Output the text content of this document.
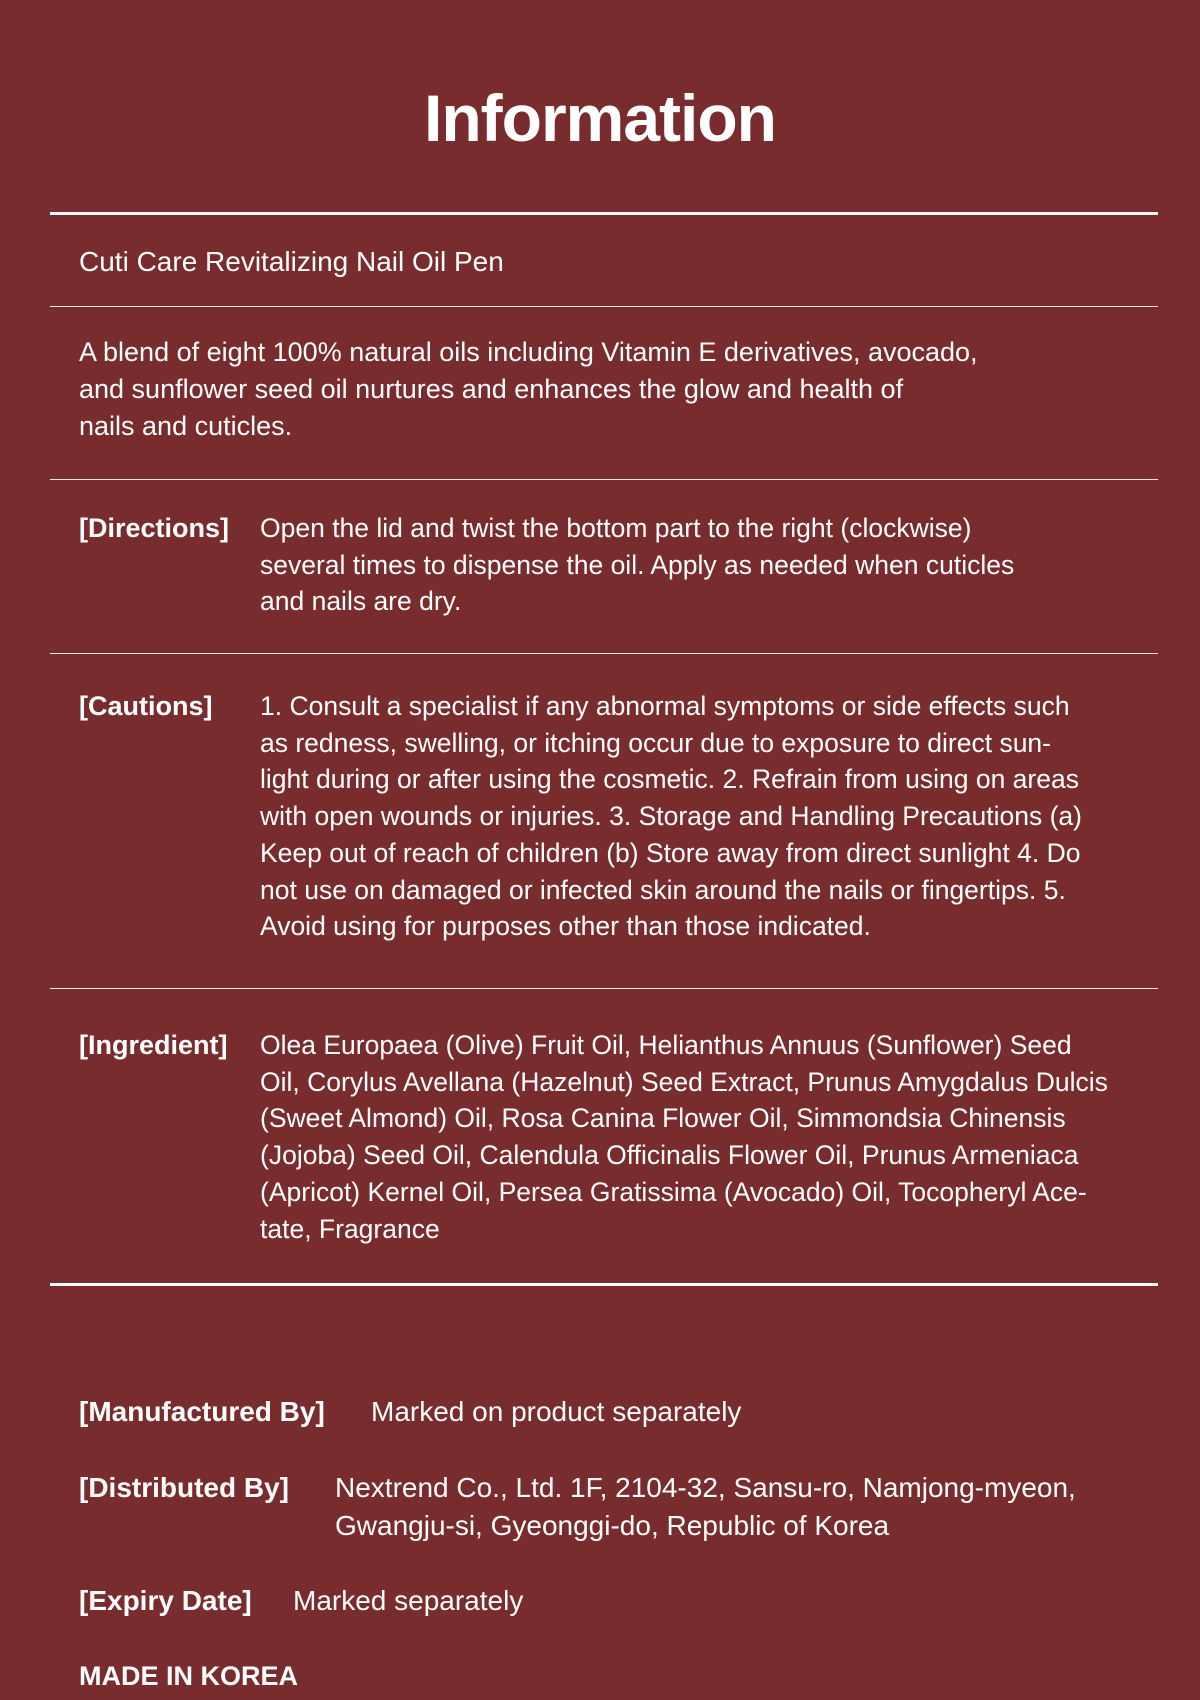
Information
Cuti Care Revitalizing Nail Oil Pen
A blend of eight 100% natural oils including Vitamin E derivatives, avocado,
and sunflower seed oil nurtures and enhances the glow and health of
nails and cuticles.
[Directions] Open the lid and twist the bottom part to the right (clockwise)
several times to dispense the oil. Apply as needed when cuticles
and nails are dry.
[Cautions] 1. Consult a specialist if any abnormal symptoms or side effects such
as redness, swelling, or itching occur due to exposure to direct sun-
light during or after using the cosmetic. 2. Refrain from using on areas
with open wounds or injuries. 3. Storage and Handling Precautions (a)
Keep out of reach of children (b) Store away from direct sunlight 4. Do
not use on damaged or infected skin around the nails or fingertips. 5.
Avoid using for purposes other than those indicated.
[Ingredient] Olea Europaea (Olive) Fruit Oil, Helianthus Annuus (Sunflower) Seed
Oil, Corylus Avellana (Hazelnut) Seed Extract, Prunus Amygdalus Dulcis
(Sweet Almond) Oil, Rosa Canina Flower Oil, Simmondsia Chinensis
(Jojoba) Seed Oil, Calendula Officinalis Flower Oil, Prunus Armeniaca
(Apricot) Kernel Oil, Persea Gratissima (Avocado) Oil, Tocopheryl Ace-
tate, Fragrance
[Manufactured By] Marked on product separately
[Distributed By] Nextrend Co., Ltd. 1F, 2104-32, Sansu-ro, Namjong-myeon,
Gwangju-si, Gyeonggi-do, Republic of Korea
[Expiry Date] Marked separately
MADE IN KOREA
